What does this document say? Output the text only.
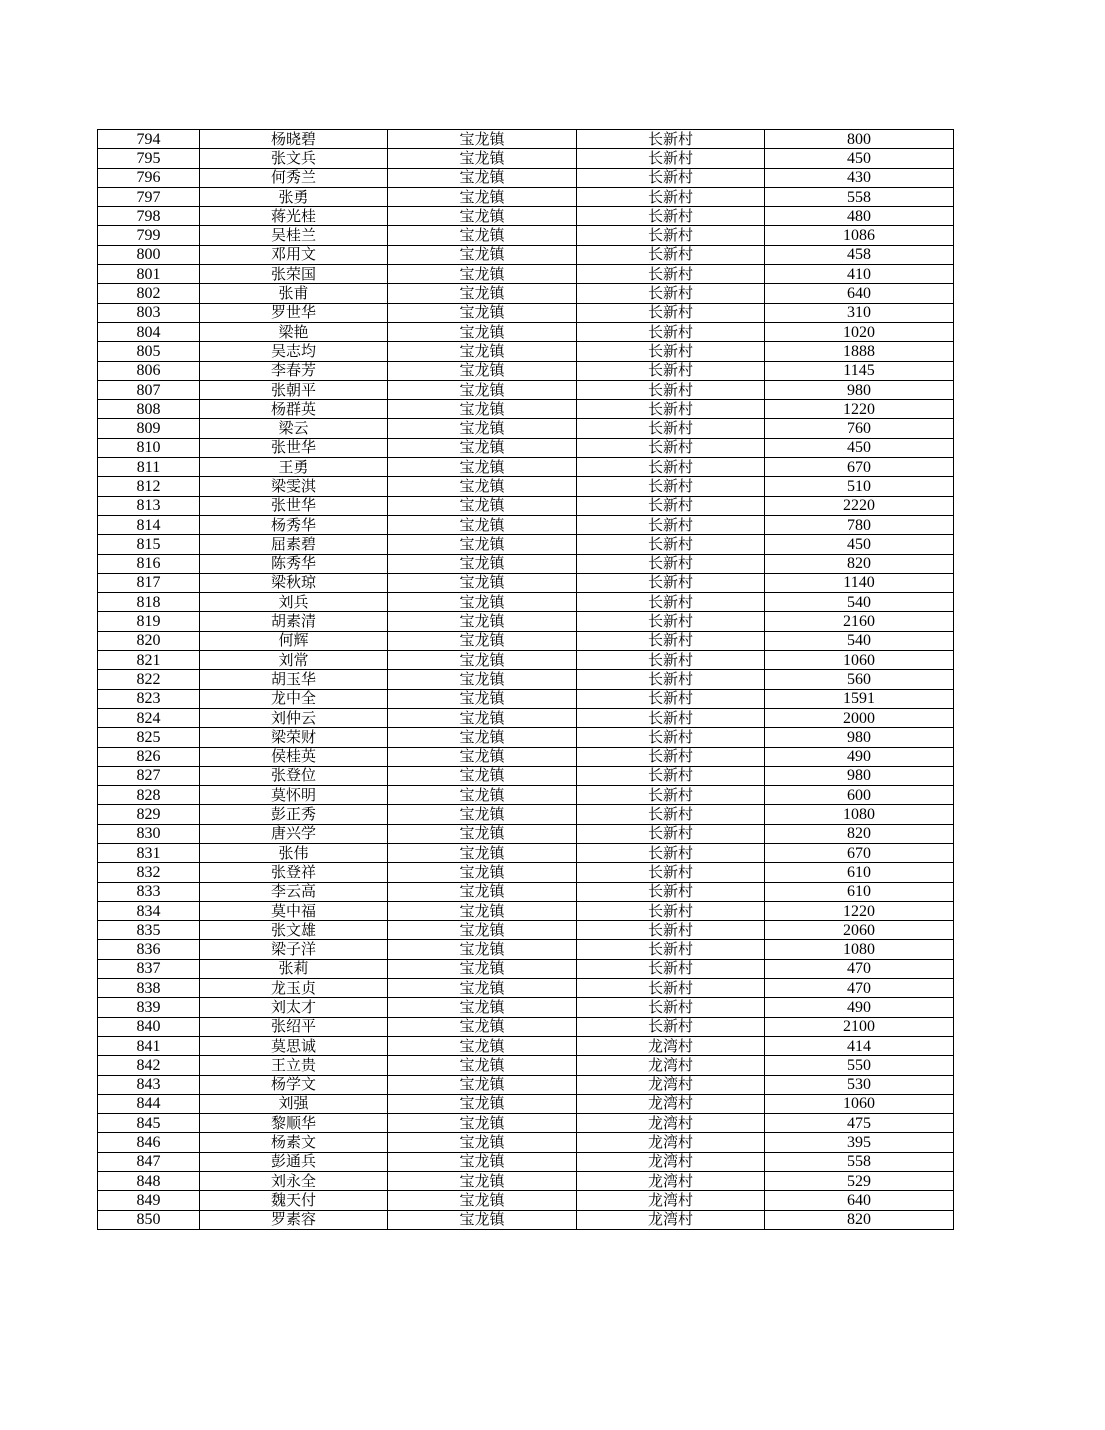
794	杨晓碧	宝龙镇	长新村	800
795	张文兵	宝龙镇	长新村	450
796	何秀兰	宝龙镇	长新村	430
797	张勇	宝龙镇	长新村	558
798	蒋光桂	宝龙镇	长新村	480
799	吴桂兰	宝龙镇	长新村	1086
800	邓用文	宝龙镇	长新村	458
801	张荣国	宝龙镇	长新村	410
802	张甫	宝龙镇	长新村	640
803	罗世华	宝龙镇	长新村	310
804	梁艳	宝龙镇	长新村	1020
805	吴志均	宝龙镇	长新村	1888
806	李春芳	宝龙镇	长新村	1145
807	张朝平	宝龙镇	长新村	980
808	杨群英	宝龙镇	长新村	1220
809	梁云	宝龙镇	长新村	760
810	张世华	宝龙镇	长新村	450
811	王勇	宝龙镇	长新村	670
812	梁雯淇	宝龙镇	长新村	510
813	张世华	宝龙镇	长新村	2220
814	杨秀华	宝龙镇	长新村	780
815	屈素碧	宝龙镇	长新村	450
816	陈秀华	宝龙镇	长新村	820
817	梁秋琼	宝龙镇	长新村	1140
818	刘兵	宝龙镇	长新村	540
819	胡素清	宝龙镇	长新村	2160
820	何辉	宝龙镇	长新村	540
821	刘常	宝龙镇	长新村	1060
822	胡玉华	宝龙镇	长新村	560
823	龙中全	宝龙镇	长新村	1591
824	刘仲云	宝龙镇	长新村	2000
825	梁荣财	宝龙镇	长新村	980
826	侯桂英	宝龙镇	长新村	490
827	张登位	宝龙镇	长新村	980
828	莫怀明	宝龙镇	长新村	600
829	彭正秀	宝龙镇	长新村	1080
830	唐兴学	宝龙镇	长新村	820
831	张伟	宝龙镇	长新村	670
832	张登祥	宝龙镇	长新村	610
833	李云高	宝龙镇	长新村	610
834	莫中福	宝龙镇	长新村	1220
835	张文雄	宝龙镇	长新村	2060
836	梁子洋	宝龙镇	长新村	1080
837	张莉	宝龙镇	长新村	470
838	龙玉贞	宝龙镇	长新村	470
839	刘太才	宝龙镇	长新村	490
840	张绍平	宝龙镇	长新村	2100
841	莫思诚	宝龙镇	龙湾村	414
842	王立贵	宝龙镇	龙湾村	550
843	杨学文	宝龙镇	龙湾村	530
844	刘强	宝龙镇	龙湾村	1060
845	黎顺华	宝龙镇	龙湾村	475
846	杨素文	宝龙镇	龙湾村	395
847	彭通兵	宝龙镇	龙湾村	558
848	刘永全	宝龙镇	龙湾村	529
849	魏天付	宝龙镇	龙湾村	640
850	罗素容	宝龙镇	龙湾村	820
